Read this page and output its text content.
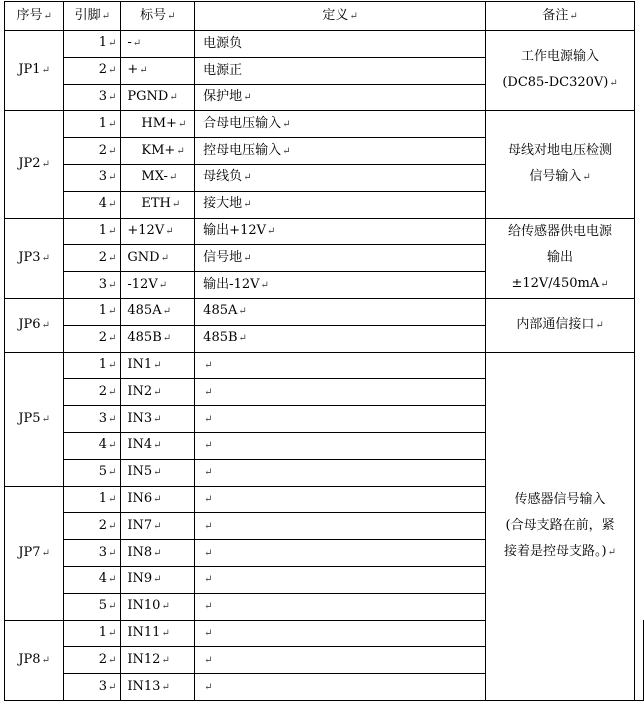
序号↵	引脚↵	标号↵	定义↵	备注↵	
JP1↵	1↵	-↵	电源负	工作电源输入
(DC85-DC320V)↵	

	2↵	+↵	电源正		
	3↵	PGND↵	保护地↵		
JP2↵	1↵	HM+↵	合母电压输入↵	母线对地电压检测
信号输入↵	

	2↵	KM+↵	控母电压输入↵		
	3↵	MX-↵	母线负↵		
	4↵	ETH↵	接大地↵		
JP3↵	1↵	+12V↵	输出+12V↵	给传感器供电电源
输出
±12V/450mA↵	

	2↵	GND↵	信号地↵		
	3↵	-12V↵	输出-12V↵		
JP6↵	1↵	485A↵	485A↵	内部通信接口↵	

	2↵	485B↵	485B↵		
JP5↵	1↵	IN1↵	↵	传感器信号输入
(合母支路在前，紧
接着是控母支路。)↵	

	2↵	IN2↵	↵		
	3↵	IN3↵	↵		
	4↵	IN4↵	↵		
	5↵	IN5↵	↵		
JP7↵	1↵	IN6↵	↵		
	2↵	IN7↵	↵		
	3↵	IN8↵	↵		
	4↵	IN9↵	↵		
	5↵	IN10↵	↵		
JP8↵	1↵	IN11↵	↵		
	2↵	IN12↵	↵		
	3↵	IN13↵	↵		
